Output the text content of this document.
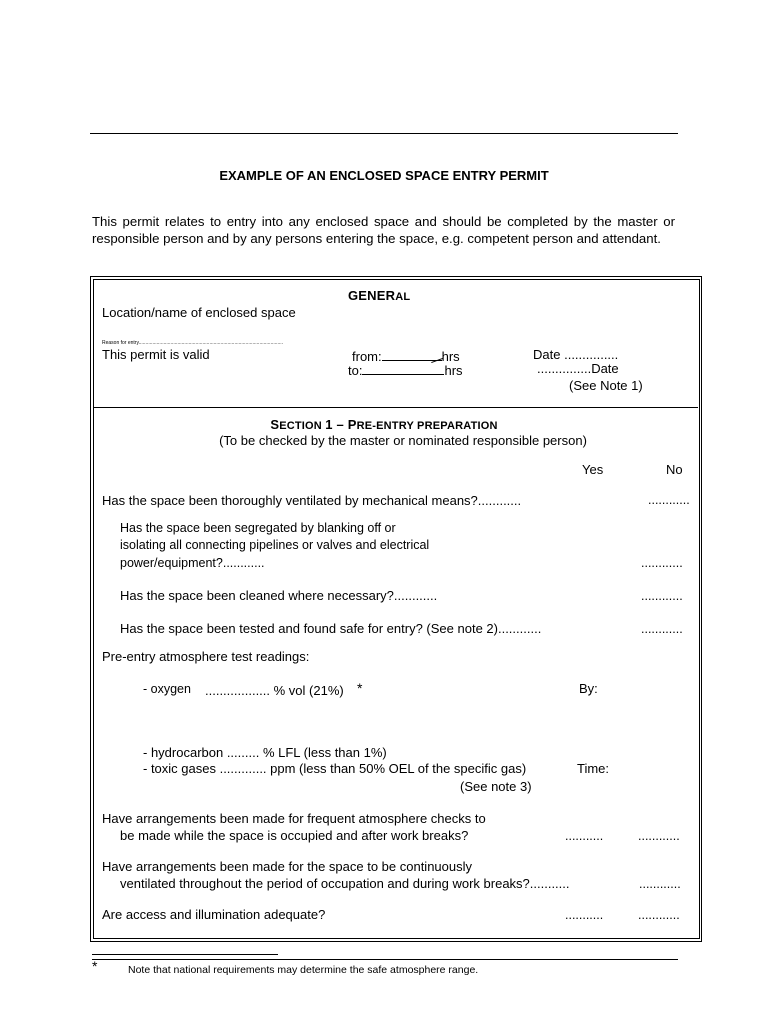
EXAMPLE OF AN ENCLOSED SPACE ENTRY PERMIT
This permit relates to entry into any enclosed space and should be completed by the master or responsible person and by any persons entering the space, e.g. competent person and attendant.
GENERAL
Location/name of enclosed space
Reason for entry........................................................................................................
This permit is valid	from:	hrs	Date ...............
to:	hrs	...............Date
(See Note 1)
SECTION 1 – PRE-ENTRY PREPARATION
(To be checked by the master or nominated responsible person)
Yes	No
Has the space been thoroughly ventilated by mechanical means?............	............
Has the space been segregated by blanking off or
isolating all connecting pipelines or valves and electrical
power/equipment?............	............
Has the space been cleaned where necessary?............	............
Has the space been tested and found safe for entry? (See note 2)............	............
Pre-entry atmosphere test readings:
- oxygen .................. % vol (21%) *	By:
- hydrocarbon ......... % LFL (less than 1%)
- toxic gases ............. ppm (less than 50% OEL of the specific gas)	Time:
(See note 3)
Have arrangements been made for frequent atmosphere checks to
be made while the space is occupied and after work breaks?	...........	............
Have arrangements been made for the space to be continuously
ventilated throughout the period of occupation and during work breaks?...........	............
Are access and illumination adequate?	...........	............
*	Note that national requirements may determine the safe atmosphere range.
